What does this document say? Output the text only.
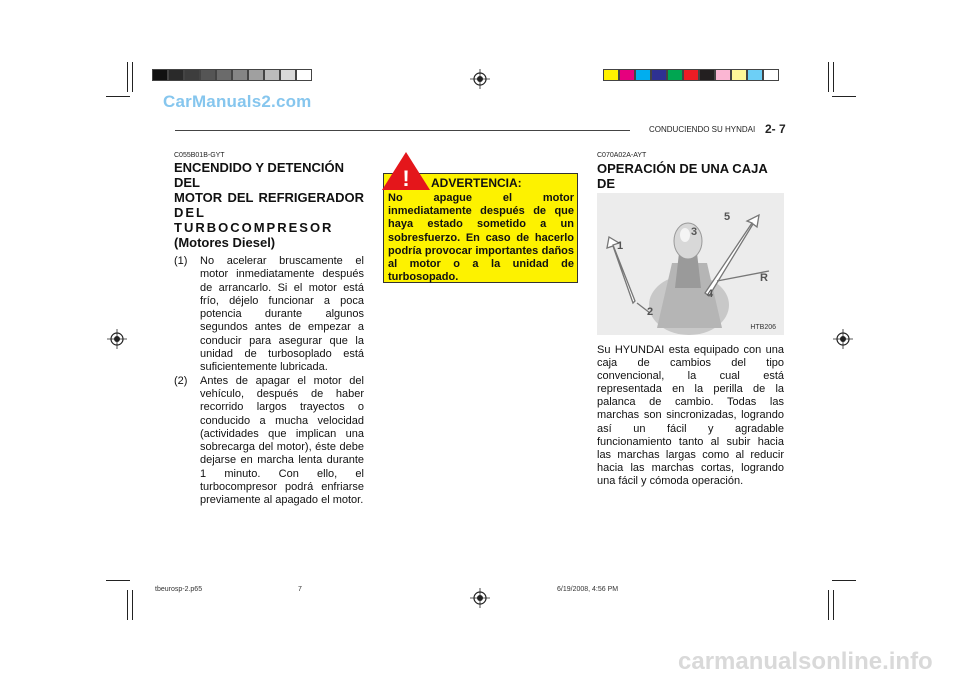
CarManuals2.com
CONDUCIENDO SU HYNDAI 2- 7
C055B01B-GYT
ENCENDIDO Y DETENCIÓN DEL
MOTOR DEL REFRIGERADOR
DEL TURBOCOMPRESOR
(Motores Diesel)
(1) No acelerar bruscamente el motor inmediatamente después de arrancarlo. Si el motor está frío, déjelo funcionar a poca potencia durante algunos segundos antes de empezar a conducir para asegurar que la unidad de turbosoplado está suficientemente lubricada.
(2) Antes de apagar el motor del vehículo, después de haber recorrido largos trayectos o conducido a mucha velocidad (actividades que implican una sobrecarga del motor), éste debe dejarse en marcha lenta durante 1 minuto. Con ello, el turbocompresor podrá enfriarse previamente al apagado el motor.
! ADVERTENCIA:
No apague el motor inmediatamente después de que haya estado sometido a un sobresfuerzo. En caso de hacerlo podría provocar importantes daños al motor o a la unidad de turbosopado.
C070A02A-AYT
OPERACIÓN DE UNA CAJA DE
1
2
3
4
5
R
HTB206
Su HYUNDAI esta equipado con una caja de cambios del tipo convencional, la cual está representada en la perilla de la palanca de cambio. Todas las marchas son sincronizadas, logrando así un fácil y agradable funcionamiento tanto al subir hacia las marchas largas como al reducir hacia las marchas cortas, logrando una fácil y cómoda operación.
tbeurosp-2.p65	7	6/19/2008, 4:56 PM
carmanualsonline.info
